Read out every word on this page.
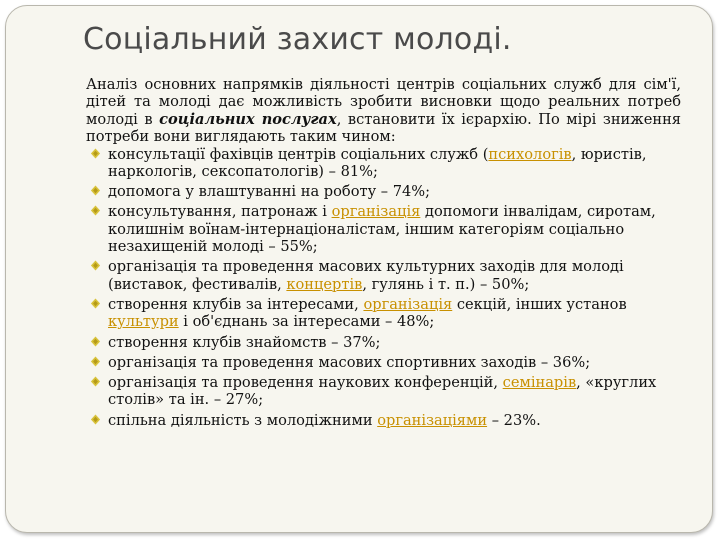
Соціальний захист молоді.

Аналіз основних напрямків діяльності центрів соціальних служб для сім'ї, дітей та молоді дає можливість зробити висновки щодо реальних потреб молоді в соціальних послугах, встановити їх ієрархію. По мірі зниження потреби вони виглядають таким чином:

консультації фахівців центрів соціальних служб (психологів, юристів, наркологів, сексопатологів) – 81%;
допомога у влаштуванні на роботу – 74%;
консультування, патронаж і організація допомоги інвалідам, сиротам, колишнім воїнам-інтернаціоналістам, іншим категоріям соціально незахищеній молоді – 55%;
організація та проведення масових культурних заходів для молоді (виставок, фестивалів, концертів, гулянь і т. п.) – 50%;
створення клубів за інтересами, організація секцій, інших установ культури і об'єднань за інтересами – 48%;
створення клубів знайомств – 37%;
організація та проведення масових спортивних заходів – 36%;
організація та проведення наукових конференцій, семінарів, «круглих столів» та ін. – 27%;
спільна діяльність з молодіжними організаціями – 23%.
